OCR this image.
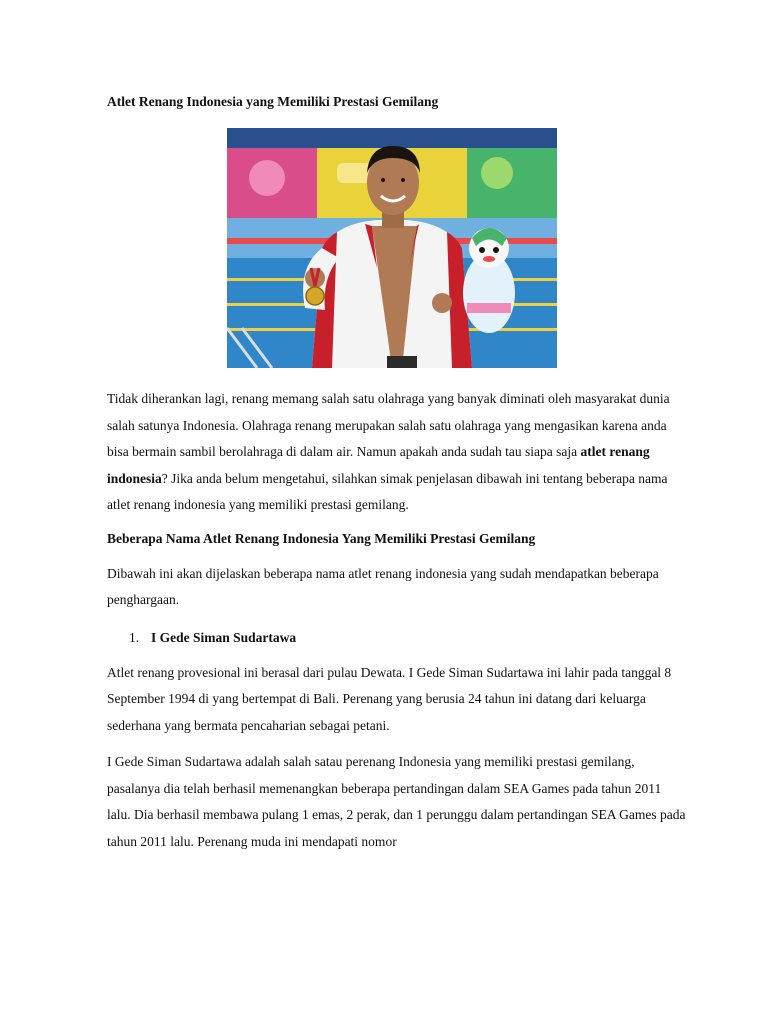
Atlet Renang Indonesia yang Memiliki Prestasi Gemilang

Tidak diherankan lagi, renang memang salah satu olahraga yang banyak diminati oleh masyarakat dunia salah satunya Indonesia. Olahraga renang merupakan salah satu olahraga yang mengasikan karena anda bisa bermain sambil berolahraga di dalam air. Namun apakah anda sudah tau siapa saja atlet renang indonesia? Jika anda belum mengetahui, silahkan simak penjelasan dibawah ini tentang beberapa nama atlet renang indonesia yang memiliki prestasi gemilang.

Beberapa Nama Atlet Renang Indonesia Yang Memiliki Prestasi Gemilang

Dibawah ini akan dijelaskan beberapa nama atlet renang indonesia yang sudah mendapatkan beberapa penghargaan.

1. I Gede Siman Sudartawa

Atlet renang provesional ini berasal dari pulau Dewata. I Gede Siman Sudartawa ini lahir pada tanggal 8 September 1994 di yang bertempat di Bali. Perenang yang berusia 24 tahun ini datang dari keluarga sederhana yang bermata pencaharian sebagai petani.

I Gede Siman Sudartawa adalah salah satau perenang Indonesia yang memiliki prestasi gemilang, pasalanya dia telah berhasil memenangkan beberapa pertandingan dalam SEA Games pada tahun 2011 lalu. Dia berhasil membawa pulang 1 emas, 2 perak, dan 1 perunggu dalam pertandingan SEA Games pada tahun 2011 lalu. Perenang muda ini mendapati nomor
